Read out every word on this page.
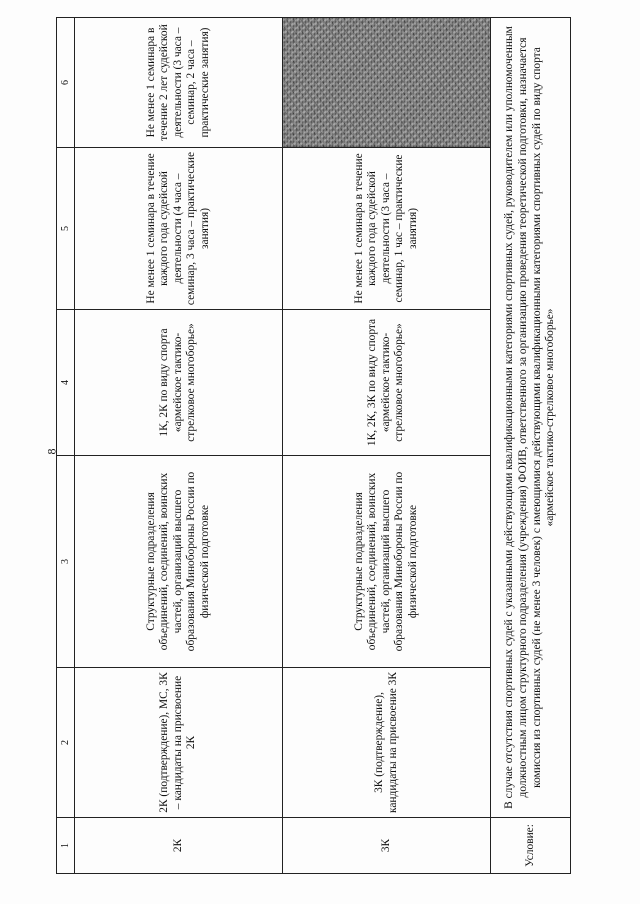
8
1	2	3	4	5	6
2К	2К (подтверждение), МС, 3К – кандидаты на присвоение 2К	Структурные подразделения объединений, соединений, воинских частей, организаций высшего образования Минобороны России по физической подготовке	1К, 2К по виду спорта «армейское тактико-стрелковое многоборье»	Не менее 1 семинара в течение каждого года судейской деятельности (4 часа – семинар, 3 часа – практические занятия)	Не менее 1 семинара в течение 2 лет судейской деятельности (3 часа – семинар, 2 часа – практические занятия)
3К	3К (подтверждение), кандидаты на присвоение 3К	Структурные подразделения объединений, соединений, воинских частей, организаций высшего образования Минобороны России по физической подготовке	1К, 2К, 3К по виду спорта «армейское тактико-стрелковое многоборье»	Не менее 1 семинара в течение каждого года судейской деятельности (3 часа – семинар, 1 час – практические занятия)	
Условие:	В случае отсутствия спортивных судей с указанными действующими квалификационными категориями спортивных судей, руководителем или уполномоченным должностным лицом структурного подразделения (учреждения) ФОИВ, ответственного за организацию проведения теоретической подготовки, назначается комиссия из спортивных судей (не менее 3 человек) с имеющимися действующими квалификационными категориями спортивных судей по виду спорта «армейское тактико-стрелковое многоборье»				
